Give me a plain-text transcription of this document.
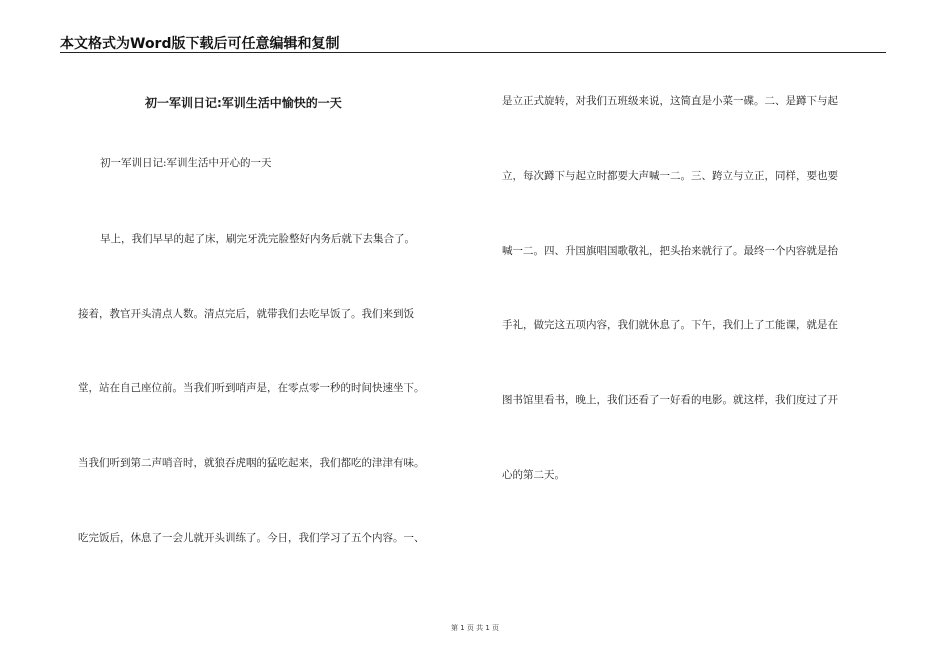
本文格式为Word版下载后可任意编辑和复制
初一军训日记:军训生活中愉快的一天
初一军训日记:军训生活中开心的一天
早上，我们早早的起了床，刷完牙洗完脸整好内务后就下去集合了。
接着，教官开头清点人数。清点完后，就带我们去吃早饭了。我们来到饭
堂，站在自己座位前。当我们听到哨声是，在零点零一秒的时间快速坐下。
当我们听到第二声哨音时，就狼吞虎咽的猛吃起来，我们都吃的津津有味。
吃完饭后，休息了一会儿就开头训练了。今日，我们学习了五个内容。一、
是立正式旋转，对我们五班级来说，这简直是小菜一碟。二、是蹲下与起
立，每次蹲下与起立时都要大声喊一二。三、跨立与立正，同样，要也要
喊一二。四、升国旗唱国歌敬礼，把头抬来就行了。最终一个内容就是抬
手礼，做完这五项内容，我们就休息了。下午，我们上了工能课，就是在
图书馆里看书，晚上，我们还看了一好看的电影。就这样，我们度过了开
心的第二天。
第 1 页 共 1 页
